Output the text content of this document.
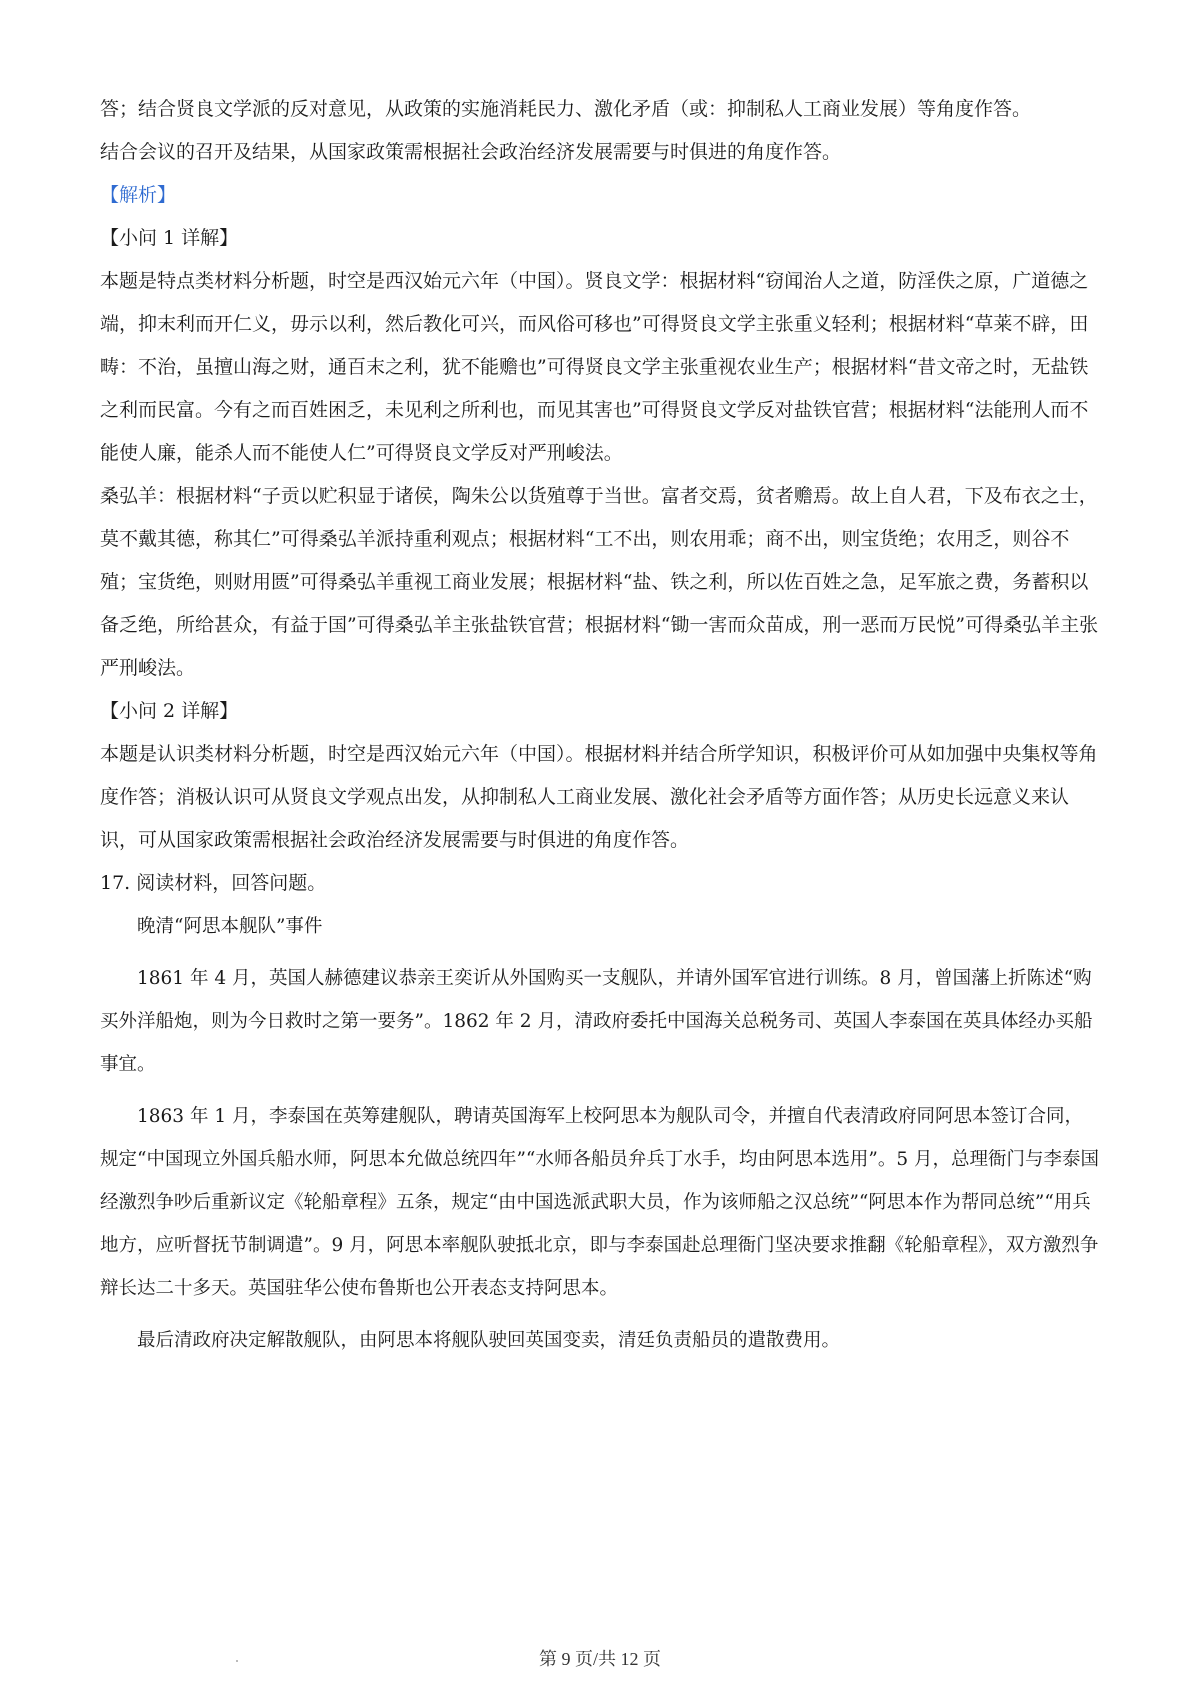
答；结合贤良文学派的反对意见，从政策的实施消耗民力、激化矛盾（或：抑制私人工商业发展）等角度作答。

结合会议的召开及结果，从国家政策需根据社会政治经济发展需要与时俱进的角度作答。

【解析】

【小问 1 详解】

本题是特点类材料分析题，时空是西汉始元六年（中国）。贤良文学：根据材料“窃闻治人之道，防淫佚之原，广道德之端，抑末利而开仁义，毋示以利，然后教化可兴，而风俗可移也”可得贤良文学主张重义轻利；根据材料“草莱不辟，田畴：不治，虽擅山海之财，通百末之利，犹不能赡也”可得贤良文学主张重视农业生产；根据材料“昔文帝之时，无盐铁之利而民富。今有之而百姓困乏，未见利之所利也，而见其害也”可得贤良文学反对盐铁官营；根据材料“法能刑人而不能使人廉，能杀人而不能使人仁”可得贤良文学反对严刑峻法。

桑弘羊：根据材料“子贡以贮积显于诸侯，陶朱公以货殖尊于当世。富者交焉，贫者赡焉。故上自人君，下及布衣之士，莫不戴其德，称其仁”可得桑弘羊派持重利观点；根据材料“工不出，则农用乖；商不出，则宝货绝；农用乏，则谷不殖；宝货绝，则财用匮”可得桑弘羊重视工商业发展；根据材料“盐、铁之利，所以佐百姓之急，足军旅之费，务蓄积以备乏绝，所给甚众，有益于国”可得桑弘羊主张盐铁官营；根据材料“锄一害而众苗成，刑一恶而万民悦”可得桑弘羊主张严刑峻法。

【小问 2 详解】

本题是认识类材料分析题，时空是西汉始元六年（中国）。根据材料并结合所学知识，积极评价可从如加强中央集权等角度作答；消极认识可从贤良文学观点出发，从抑制私人工商业发展、激化社会矛盾等方面作答；从历史长远意义来认识，可从国家政策需根据社会政治经济发展需要与时俱进的角度作答。

17. 阅读材料，回答问题。

晚清“阿思本舰队”事件

1861 年 4 月，英国人赫德建议恭亲王奕䜣从外国购买一支舰队，并请外国军官进行训练。8 月，曾国藩上折陈述“购买外洋船炮，则为今日救时之第一要务”。1862 年 2 月，清政府委托中国海关总税务司、英国人李泰国在英具体经办买船事宜。

1863 年 1 月，李泰国在英筹建舰队，聘请英国海军上校阿思本为舰队司令，并擅自代表清政府同阿思本签订合同，规定“中国现立外国兵船水师，阿思本允做总统四年”“水师各船员弁兵丁水手，均由阿思本选用”。5 月，总理衙门与李泰国经激烈争吵后重新议定《轮船章程》五条，规定“由中国选派武职大员，作为该师船之汉总统”“阿思本作为帮同总统”“用兵地方，应听督抚节制调遣”。9 月，阿思本率舰队驶抵北京，即与李泰国赴总理衙门坚决要求推翻《轮船章程》，双方激烈争辩长达二十多天。英国驻华公使布鲁斯也公开表态支持阿思本。

最后清政府决定解散舰队，由阿思本将舰队驶回英国变卖，清廷负责船员的遣散费用。

第 9 页/共 12 页
